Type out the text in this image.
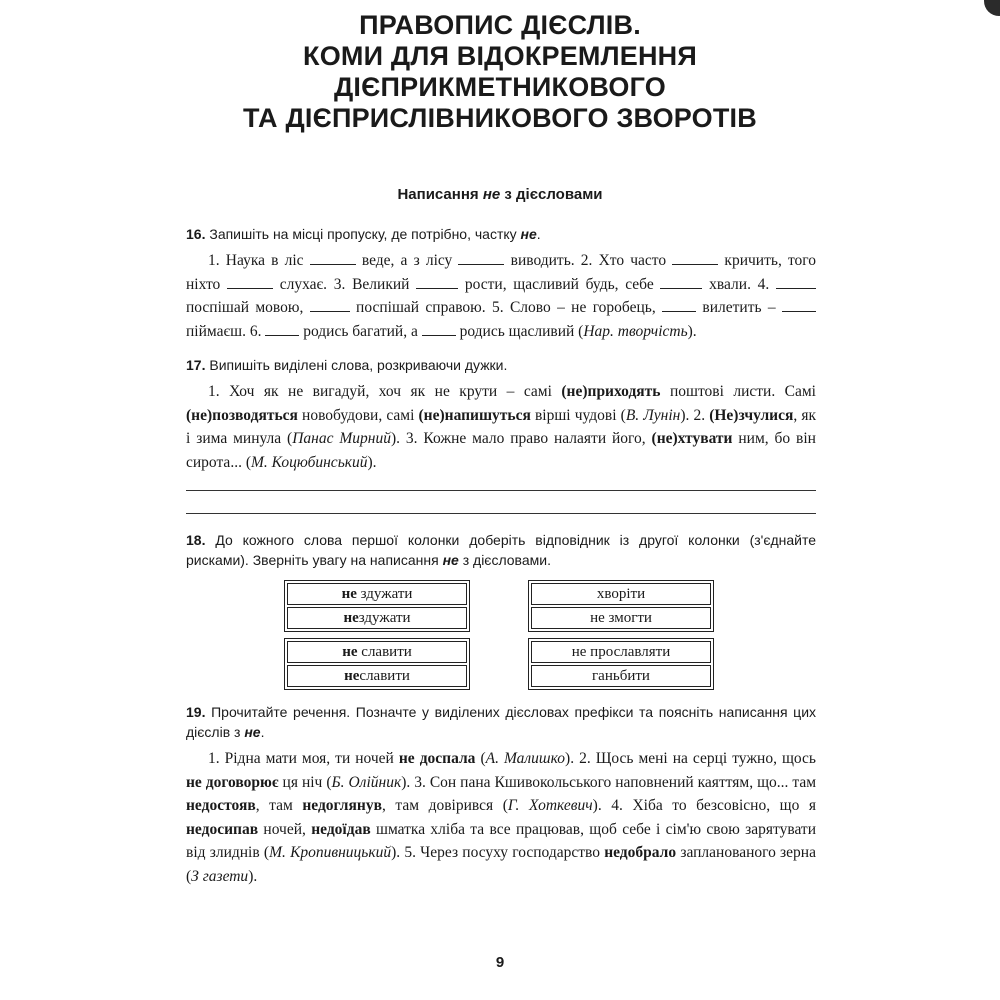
ПРАВОПИС ДІЄСЛІВ.
КОМИ ДЛЯ ВІДОКРЕМЛЕННЯ
ДІЄПРИКМЕТНИКОВОГО
ТА ДІЄПРИСЛІВНИКОВОГО ЗВОРОТІВ
Написання не з дієсловами

16. Запишіть на місці пропуску, де потрібно, частку не.

1. Наука в ліс	веде, а з лісу	виводить. 2. Хто часто	кричить, того ніхто	слухає. 3. Великий	рости, щасливий будь, себе	хвали. 4.  поспішай мовою,	поспішай справою. 5. Слово – не горобець,  вилетить –  піймаєш. 6.  родись багатий, а  родись щасливий (Нар. творчість).

17. Випишіть виділені слова, розкриваючи дужки.

1. Хоч як не вигадуй, хоч як не крути – самі (не)приходять поштові листи. Самі (не)позводяться новобудови, самі (не)напишуться вірші чудові (В. Лунін). 2. (Не)зчулися, як і зима минула (Панас Мирний). 3. Кожне мало право налаяти його, (не)хтувати ним, бо він сирота... (М. Коцюбинський).

18. До кожного слова першої колонки доберіть відповідник із другої колонки (з'єднайте рисками). Зверніть увагу на написання не з дієсловами.

не здужати
нездужати
хворіти
не змогти
не славити
неславити
не прославляти
ганьбити

19. Прочитайте речення. Позначте у виділених дієсловах префікси та поясніть написання цих дієслів з не.

1. Рідна мати моя, ти ночей не доспала (А. Малишко). 2. Щось мені на серці тужно, щось не договорює ця ніч (Б. Олійник). 3. Сон пана Кшивокольського наповнений каяттям, що... там недостояв, там недоглянув, там довірився (Г. Хоткевич). 4. Хіба то безсовісно, що я недосипав ночей, недоїдав шматка хліба та все працював, щоб себе і сім'ю свою зарятувати від злиднів (М. Кропивницький). 5. Через посуху господарство недобрало запланованого зерна (З газети).

9
